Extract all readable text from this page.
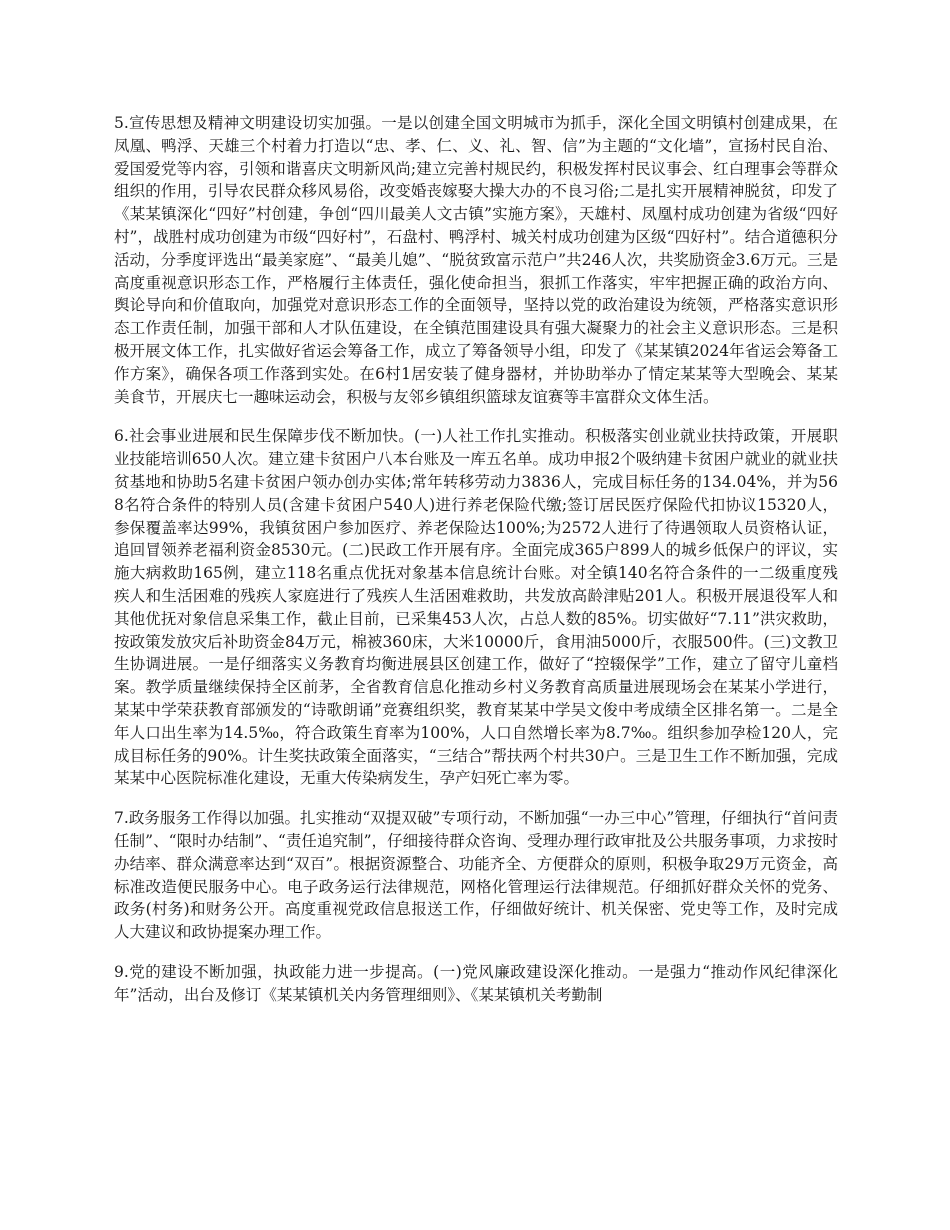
5.宣传思想及精神文明建设切实加强。一是以创建全国文明城市为抓手，深化全国文明镇村创建成果，在凤凰、鸭浮、天雄三个村着力打造以“忠、孝、仁、义、礼、智、信”为主题的“文化墙”，宣扬村民自治、爱国爱党等内容，引领和谐喜庆文明新风尚;建立完善村规民约，积极发挥村民议事会、红白理事会等群众组织的作用，引导农民群众移风易俗，改变婚丧嫁娶大操大办的不良习俗;二是扎实开展精神脱贫，印发了《某某镇深化“四好”村创建，争创“四川最美人文古镇”实施方案》，天雄村、凤凰村成功创建为省级“四好村”，战胜村成功创建为市级“四好村”，石盘村、鸭浮村、城关村成功创建为区级“四好村”。结合道德积分活动，分季度评选出“最美家庭”、“最美儿媳”、“脱贫致富示范户”共246人次，共奖励资金3.6万元。三是高度重视意识形态工作，严格履行主体责任，强化使命担当，狠抓工作落实，牢牢把握正确的政治方向、舆论导向和价值取向，加强党对意识形态工作的全面领导，坚持以党的政治建设为统领，严格落实意识形态工作责任制，加强干部和人才队伍建设，在全镇范围建设具有强大凝聚力的社会主义意识形态。三是积极开展文体工作，扎实做好省运会筹备工作，成立了筹备领导小组，印发了《某某镇2024年省运会筹备工作方案》，确保各项工作落到实处。在6村1居安装了健身器材，并协助举办了情定某某等大型晚会、某某美食节，开展庆七一趣味运动会，积极与友邻乡镇组织篮球友谊赛等丰富群众文体生活。

6.社会事业进展和民生保障步伐不断加快。(一)人社工作扎实推动。积极落实创业就业扶持政策，开展职业技能培训650人次。建立建卡贫困户八本台账及一库五名单。成功申报2个吸纳建卡贫困户就业的就业扶贫基地和协助5名建卡贫困户领办创办实体;常年转移劳动力3836人，完成目标任务的134.04%，并为568名符合条件的特别人员(含建卡贫困户540人)进行养老保险代缴;签订居民医疗保险代扣协议15320人，参保覆盖率达99%，我镇贫困户参加医疗、养老保险达100%;为2572人进行了待遇领取人员资格认证，追回冒领养老福利资金8530元。(二)民政工作开展有序。全面完成365户899人的城乡低保户的评议，实施大病救助165例，建立118名重点优抚对象基本信息统计台账。对全镇140名符合条件的一二级重度残疾人和生活困难的残疾人家庭进行了残疾人生活困难救助，共发放高龄津贴201人。积极开展退役军人和其他优抚对象信息采集工作，截止目前，已采集453人次，占总人数的85%。切实做好“7.11”洪灾救助，按政策发放灾后补助资金84万元，棉被360床，大米10000斤，食用油5000斤，衣服500件。(三)文教卫生协调进展。一是仔细落实义务教育均衡进展县区创建工作，做好了“控辍保学”工作，建立了留守儿童档案。教学质量继续保持全区前茅，全省教育信息化推动乡村义务教育高质量进展现场会在某某小学进行，某某中学荣获教育部颁发的“诗歌朗诵”竞赛组织奖，教育某某中学吴文俊中考成绩全区排名第一。二是全年人口出生率为14.5‰，符合政策生育率为100%，人口自然增长率为8.7‰。组织参加孕检120人，完成目标任务的90%。计生奖扶政策全面落实，“三结合”帮扶两个村共30户。三是卫生工作不断加强，完成某某中心医院标准化建设，无重大传染病发生，孕产妇死亡率为零。

7.政务服务工作得以加强。扎实推动“双提双破”专项行动，不断加强“一办三中心”管理，仔细执行“首问责任制”、“限时办结制”、“责任追究制”，仔细接待群众咨询、受理办理行政审批及公共服务事项，力求按时办结率、群众满意率达到“双百”。根据资源整合、功能齐全、方便群众的原则，积极争取29万元资金，高标准改造便民服务中心。电子政务运行法律规范，网格化管理运行法律规范。仔细抓好群众关怀的党务、政务(村务)和财务公开。高度重视党政信息报送工作，仔细做好统计、机关保密、党史等工作，及时完成人大建议和政协提案办理工作。

9.党的建设不断加强，执政能力进一步提高。(一)党风廉政建设深化推动。一是强力“推动作风纪律深化年”活动，出台及修订《某某镇机关内务管理细则》、《某某镇机关考勤制
